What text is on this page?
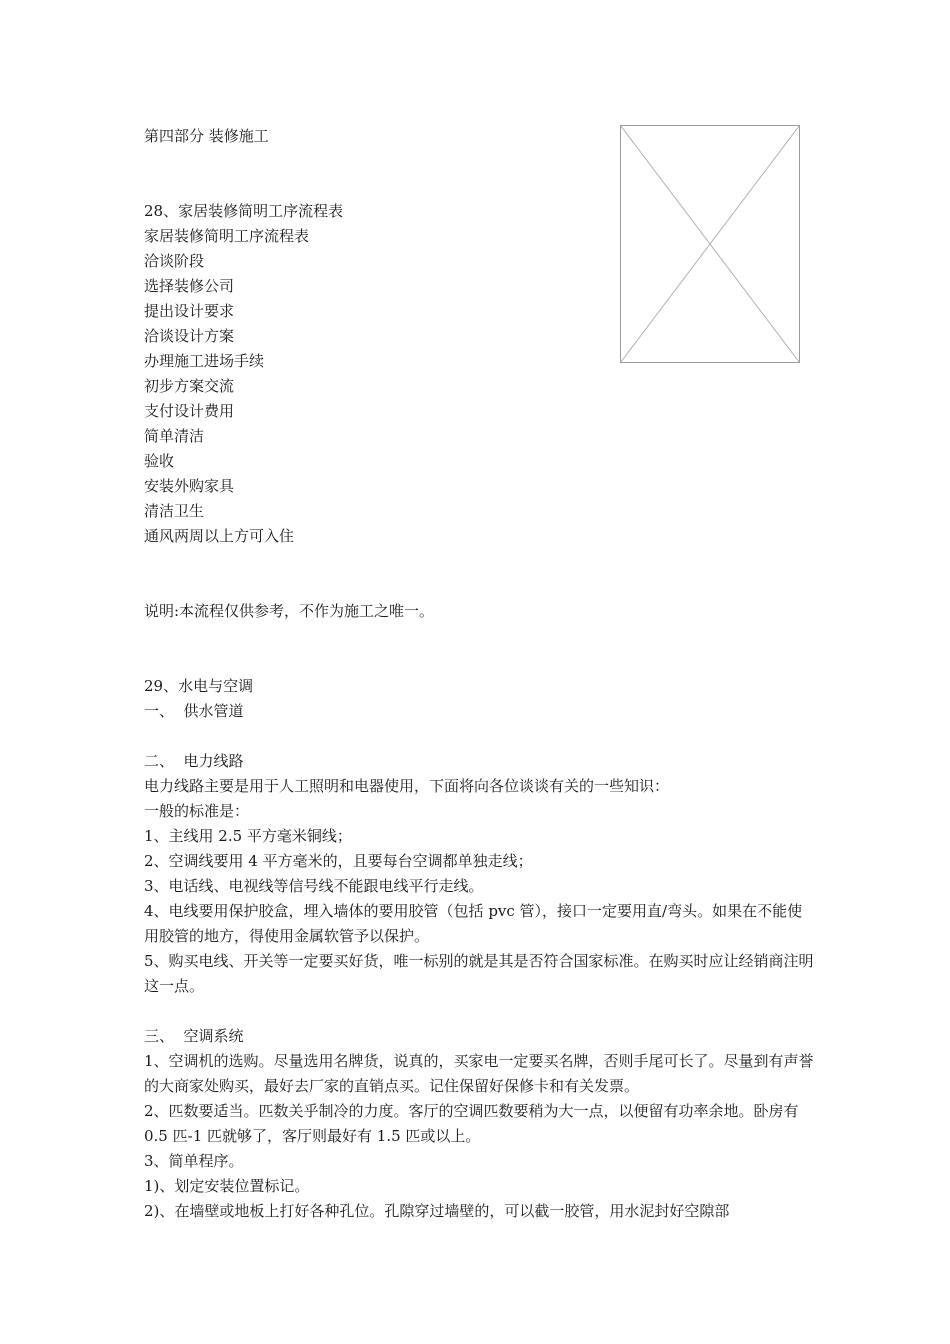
第四部分 装修施工
28、家居装修简明工序流程表
家居装修简明工序流程表
洽谈阶段
选择装修公司
提出设计要求
洽谈设计方案
办理施工进场手续
初步方案交流
支付设计费用
简单清洁
验收
安装外购家具
清洁卫生
通风两周以上方可入住
说明:本流程仅供参考，不作为施工之唯一。
29、水电与空调
一、  供水管道
二、  电力线路
电力线路主要是用于人工照明和电器使用，下面将向各位谈谈有关的一些知识：
一般的标准是：
1、主线用 2.5 平方毫米铜线；
2、空调线要用 4 平方毫米的，且要每台空调都单独走线；
3、电话线、电视线等信号线不能跟电线平行走线。
4、电线要用保护胶盒，埋入墙体的要用胶管（包括 pvc 管），接口一定要用直/弯头。如果在不能使用胶管的地方，得使用金属软管予以保护。
5、购买电线、开关等一定要买好货，唯一标别的就是其是否符合国家标准。在购买时应让经销商注明这一点。
三、  空调系统
1、空调机的选购。尽量选用名牌货，说真的，买家电一定要买名牌，否则手尾可长了。尽量到有声誉的大商家处购买，最好去厂家的直销点买。记住保留好保修卡和有关发票。
2、匹数要适当。匹数关乎制冷的力度。客厅的空调匹数要稍为大一点，以便留有功率余地。卧房有 0.5 匹-1 匹就够了，客厅则最好有 1.5 匹或以上。
3、简单程序。
1)、划定安装位置标记。
2)、在墙壁或地板上打好各种孔位。孔隙穿过墙壁的，可以截一胶管，用水泥封好空隙部
